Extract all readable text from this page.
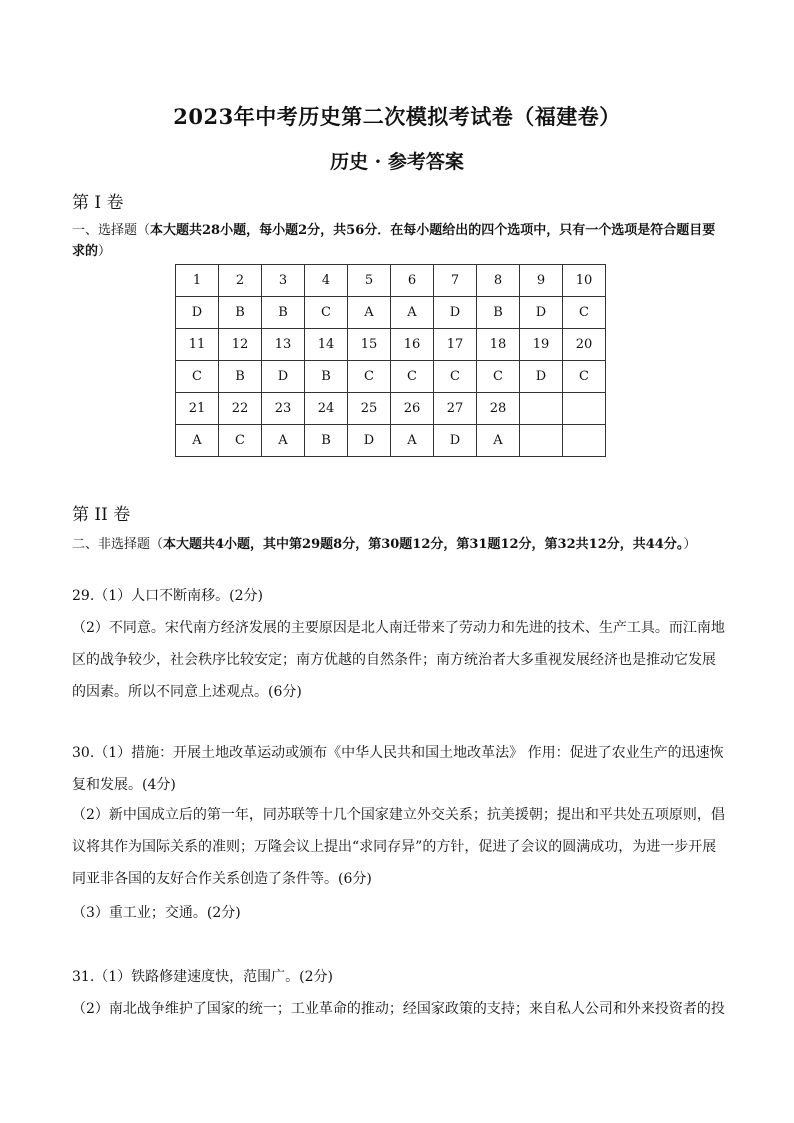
2023年中考历史第二次模拟考试卷（福建卷）
历史 · 参考答案
第 I 卷
一、选择题（本大题共28小题，每小题2分，共56分．在每小题给出的四个选项中，只有一个选项是符合题目要求的）
1	2	3	4	5	6	7	8	9	10
D	B	B	C	A	A	D	B	D	C
11	12	13	14	15	16	17	18	19	20
C	B	D	B	C	C	C	C	D	C
21	22	23	24	25	26	27	28		
A	C	A	B	D	A	D	A		
第 II 卷
二、非选择题（本大题共4小题，其中第29题8分，第30题12分，第31题12分，第32共12分，共44分。）
29.（1）人口不断南移。(2分)
（2）不同意。宋代南方经济发展的主要原因是北人南迁带来了劳动力和先进的技术、生产工具。而江南地区的战争较少，社会秩序比较安定；南方优越的自然条件；南方统治者大多重视发展经济也是推动它发展的因素。所以不同意上述观点。(6分)
30.（1）措施：开展土地改革运动或颁布《中华人民共和国土地改革法》 作用：促进了农业生产的迅速恢复和发展。(4分)
（2）新中国成立后的第一年，同苏联等十几个国家建立外交关系；抗美援朝；提出和平共处五项原则，倡议将其作为国际关系的准则；万隆会议上提出“求同存异”的方针，促进了会议的圆满成功，为进一步开展同亚非各国的友好合作关系创造了条件等。(6分)
（3）重工业；交通。(2分)
31.（1）铁路修建速度快，范围广。(2分)
（2）南北战争维护了国家的统一；工业革命的推动；经国家政策的支持；来自私人公司和外来投资者的投
